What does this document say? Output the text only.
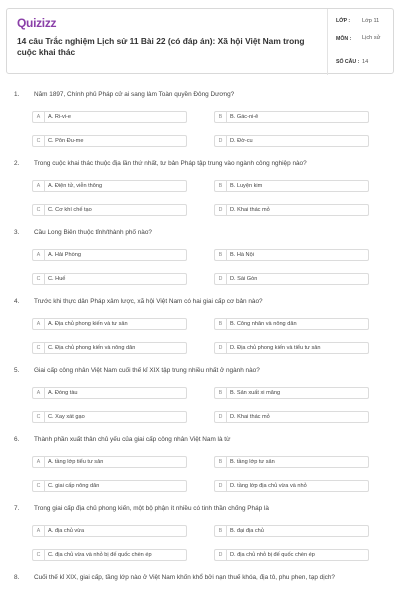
Quizizz
14 câu Trắc nghiệm Lịch sử 11 Bài 22 (có đáp án): Xã hội Việt Nam trong cuộc khai thác
LỚP : Lớp 11
MÔN : Lịch sử
SỐ CÂU : 14
1. Năm 1897, Chính phủ Pháp cử ai sang làm Toàn quyền Đông Dương?
A	A. Ri-vi-e	B	B. Gác-ni-ê
C	C. Pôn Đu-me	D	D. Đờ-cu
2. Trong cuộc khai thác thuộc địa lần thứ nhất, tư bản Pháp tập trung vào ngành công nghiệp nào?
A	A. Điện tử, viễn thông	B	B. Luyện kim
C	C. Cơ khí chế tạo	D	D. Khai thác mỏ
3. Cầu Long Biên thuộc tỉnh/thành phố nào?
A	A. Hải Phòng	B	B. Hà Nội
C	C. Huế	D	D. Sài Gòn
4. Trước khi thực dân Pháp xâm lược, xã hội Việt Nam có hai giai cấp cơ bản nào?
A	A. Địa chủ phong kiến và tư sản	B	B. Công nhân và nông dân
C	C. Địa chủ phong kiến và nông dân	D	D. Địa chủ phong kiến và tiểu tư sản
5. Giai cấp công nhân Việt Nam cuối thế kỉ XIX tập trung nhiều nhất ở ngành nào?
A	A. Đóng tàu	B	B. Sản xuất xi măng
C	C. Xay xát gạo	D	D. Khai thác mỏ
6. Thành phần xuất thân chủ yếu của giai cấp công nhân Việt Nam là từ
A	A. tầng lớp tiểu tư sản	B	B. tầng lớp tư sản
C	C. giai cấp nông dân	D	D. tầng lớp địa chủ vừa và nhỏ
7. Trong giai cấp địa chủ phong kiến, một bộ phận ít nhiều có tinh thần chống Pháp là
A	A. địa chủ vừa	B	B. đại địa chủ
C	C. địa chủ vừa và nhỏ bị đế quốc chèn ép	D	D. địa chủ nhỏ bị đế quốc chèn ép
8. Cuối thế kỉ XIX, giai cấp, tầng lớp nào ở Việt Nam khốn khổ bởi nạn thuế khóa, địa tô, phu phen, tạp dịch?
